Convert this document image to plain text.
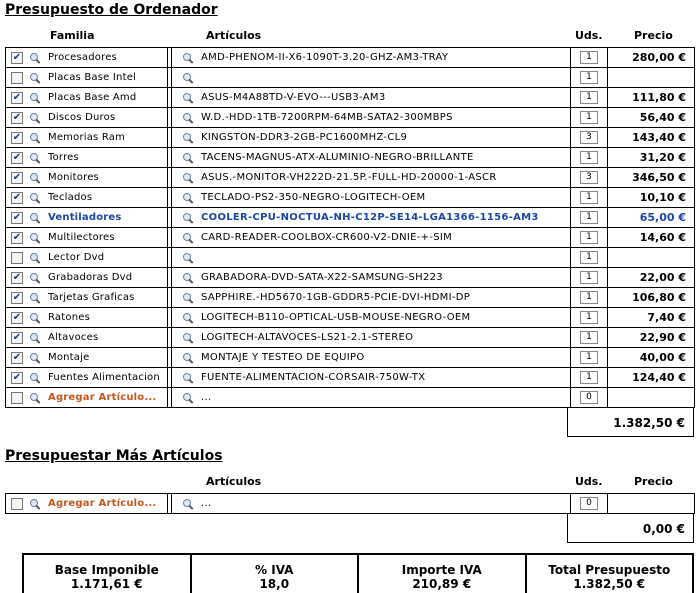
Presupuesto de Ordenador
Familia	Artículos	Uds.	Precio
✔ Procesadores		AMD-PHENOM-II-X6-1090T-3.20-GHZ-AM3-TRAY	1	280,00 €

Placas Base Intel			1	

✔ Placas Base Amd		ASUS-M4A88TD-V-EVO---USB3-AM3	1	111,80 €

✔ Discos Duros		W.D.-HDD-1TB-7200RPM-64MB-SATA2-300MBPS	1	56,40 €

✔ Memorias Ram		KINGSTON-DDR3-2GB-PC1600MHZ-CL9	3	143,40 €

✔ Torres		TACENS-MAGNUS-ATX-ALUMINIO-NEGRO-BRILLANTE	1	31,20 €

✔ Monitores		ASUS.-MONITOR-VH222D-21.5P.-FULL-HD-20000-1-ASCR	3	346,50 €

✔ Teclados		TECLADO-PS2-350-NEGRO-LOGITECH-OEM	1	10,10 €

✔ Ventiladores		COOLER-CPU-NOCTUA-NH-C12P-SE14-LGA1366-1156-AM3	1	65,00 €

✔ Multilectores		CARD-READER-COOLBOX-CR600-V2-DNIE-+-SIM	1	14,60 €

Lector Dvd			1	

✔ Grabadoras Dvd		GRABADORA-DVD-SATA-X22-SAMSUNG-SH223	1	22,00 €

✔ Tarjetas Graficas		SAPPHIRE.-HD5670-1GB-GDDR5-PCIE-DVI-HDMI-DP	1	106,80 €

✔ Ratones		LOGITECH-B110-OPTICAL-USB-MOUSE-NEGRO-OEM	1	7,40 €

✔ Altavoces		LOGITECH-ALTAVOCES-LS21-2.1-STEREO	1	22,90 €

✔ Montaje		MONTAJE Y TESTEO DE EQUIPO	1	40,00 €

✔ Fuentes Alimentacion		FUENTE-ALIMENTACION-CORSAIR-750W-TX	1	124,40 €

Agregar Artículo...		...	0	
1.382,50 €
Presupuestar Más Artículos
Artículos	Uds.	Precio
Agregar Artículo...		...	0	
0,00 €
Base Imponible
1.171,61 €
% IVA
18,0
Importe IVA
210,89 €
Total Presupuesto
1.382,50 €
